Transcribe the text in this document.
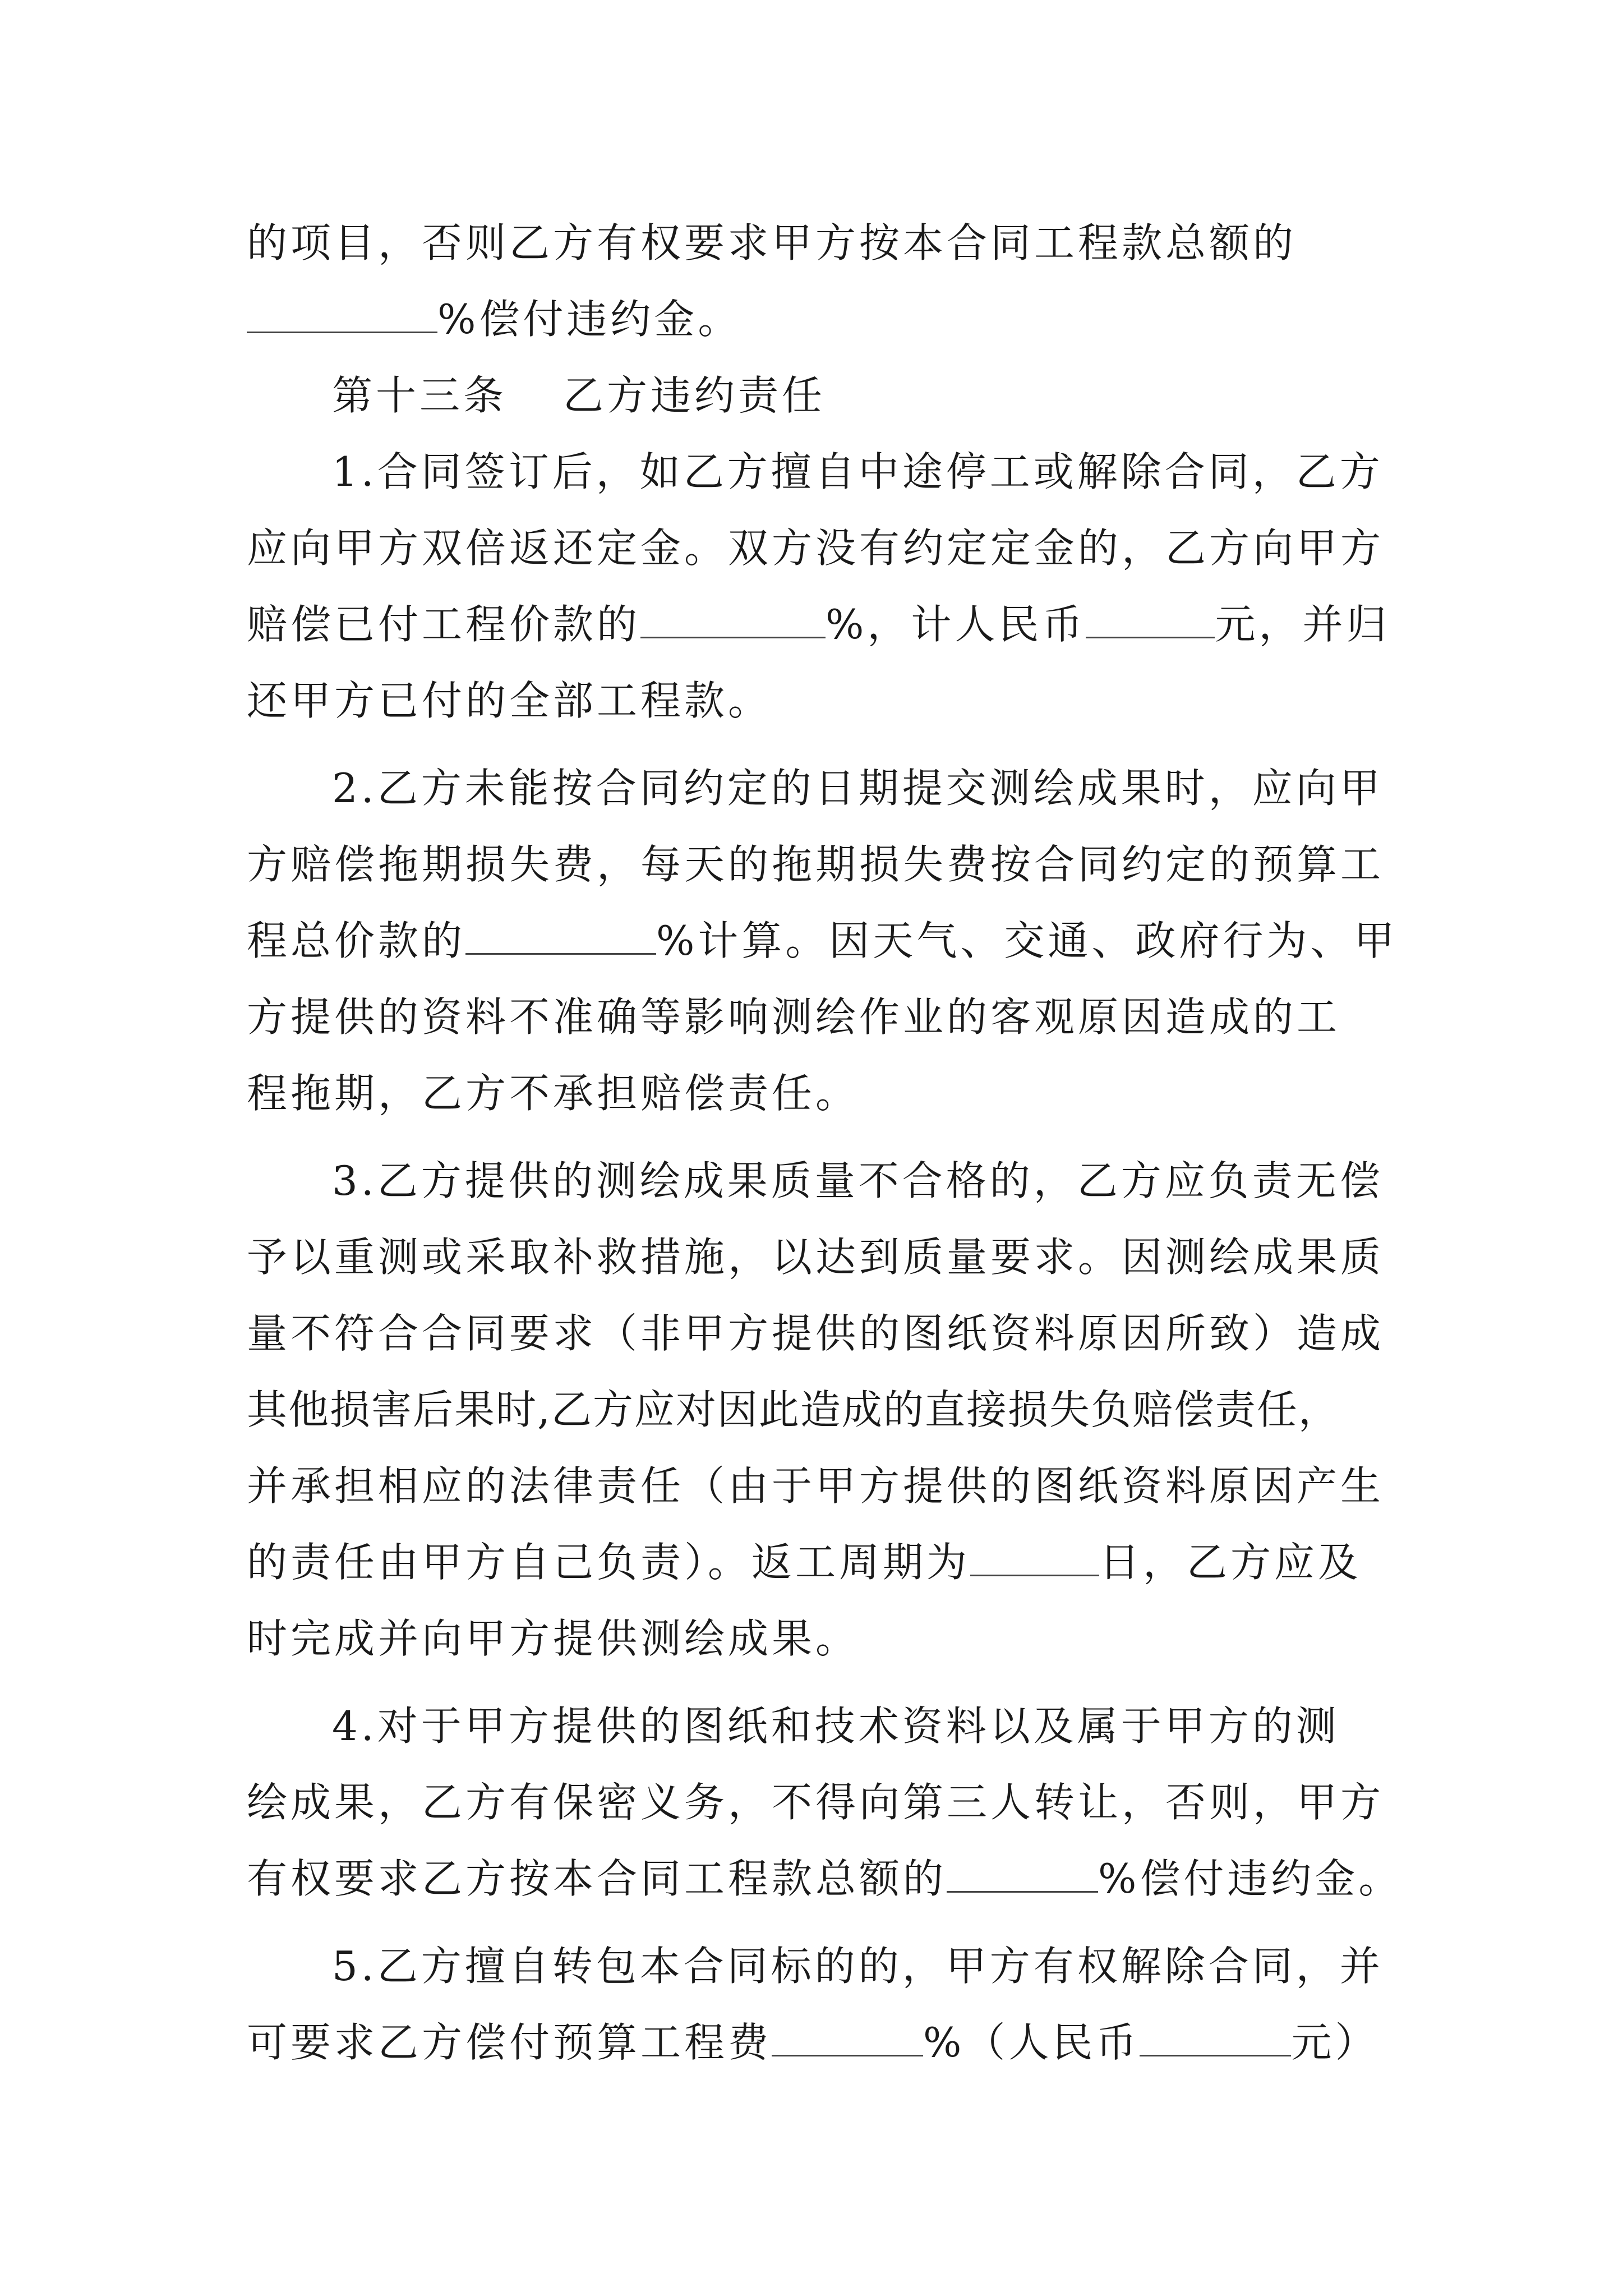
的项目，否则乙方有权要求甲方按本合同工程款总额的
%偿付违约金。
第十三条 乙方违约责任
1.合同签订后，如乙方擅自中途停工或解除合同，乙方
应向甲方双倍返还定金。双方没有约定定金的，乙方向甲方
赔偿已付工程价款的	%，计人民币	元，并归
还甲方已付的全部工程款。
2.乙方未能按合同约定的日期提交测绘成果时，应向甲
方赔偿拖期损失费，每天的拖期损失费按合同约定的预算工
程总价款的	%计算。因天气、交通、政府行为、甲
方提供的资料不准确等影响测绘作业的客观原因造成的工
程拖期，乙方不承担赔偿责任。
3.乙方提供的测绘成果质量不合格的，乙方应负责无偿
予以重测或采取补救措施，以达到质量要求。因测绘成果质
量不符合合同要求（非甲方提供的图纸资料原因所致）造成
其他损害后果时,乙方应对因此造成的直接损失负赔偿责任，
并承担相应的法律责任（由于甲方提供的图纸资料原因产生
的责任由甲方自己负责）。返工周期为	日，乙方应及
时完成并向甲方提供测绘成果。
4.对于甲方提供的图纸和技术资料以及属于甲方的测
绘成果，乙方有保密义务，不得向第三人转让，否则，甲方
有权要求乙方按本合同工程款总额的	%偿付违约金。
5.乙方擅自转包本合同标的的，甲方有权解除合同，并
可要求乙方偿付预算工程费	%（人民币	元）
